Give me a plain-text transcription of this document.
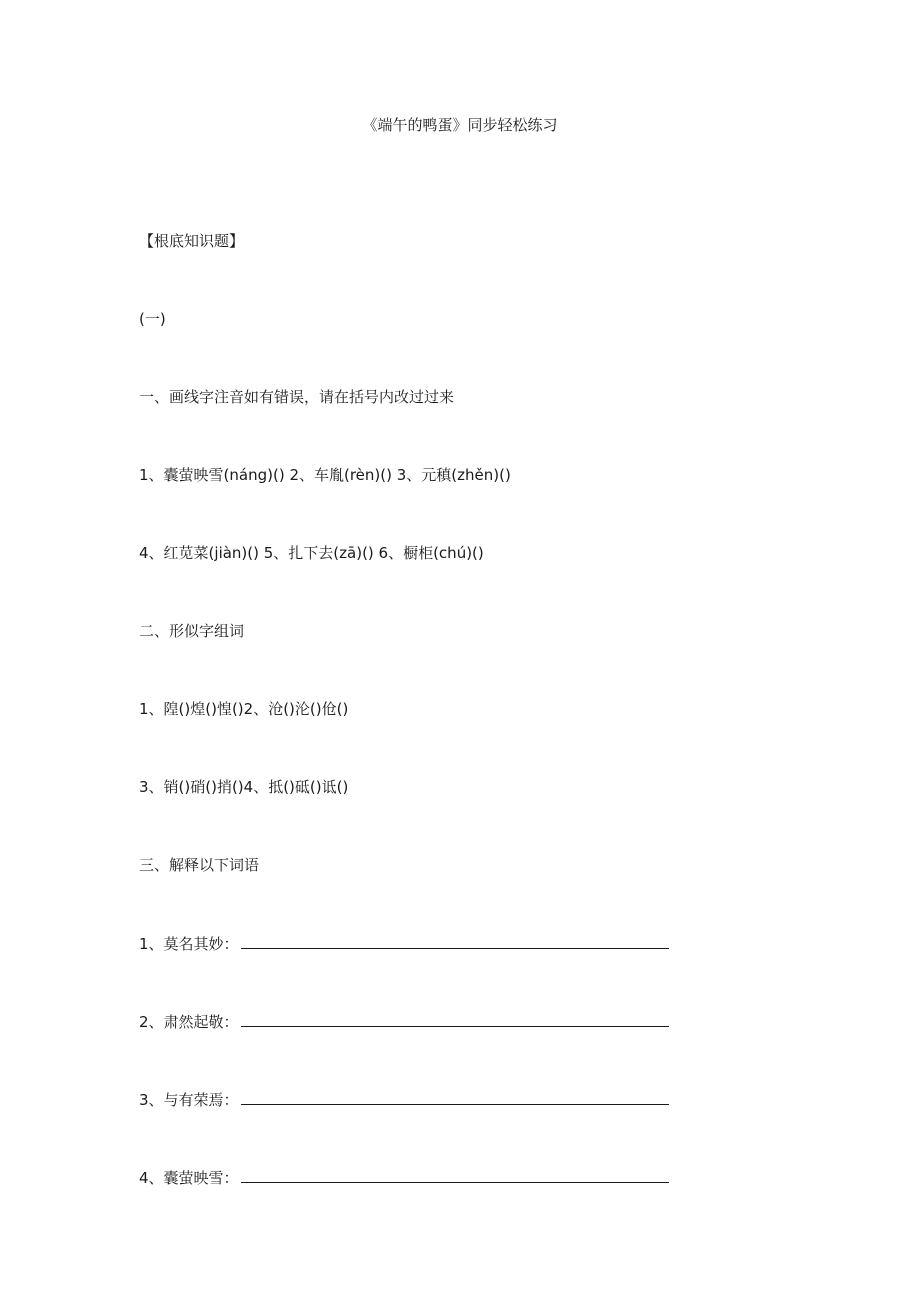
《端午的鸭蛋》同步轻松练习
【根底知识题】
(一)
一、画线字注音如有错误，请在括号内改过过来
1、囊萤映雪(náng)() 2、车胤(rèn)() 3、元稹(zhěn)()
4、红苋菜(jiàn)() 5、扎下去(zā)() 6、橱柜(chú)()
二、形似字组词
1、隍()煌()惶()2、沧()沦()伧()
3、销()硝()捎()4、抵()砥()诋()
三、解释以下词语
1、莫名其妙：
2、肃然起敬：
3、与有荣焉：
4、囊萤映雪：
